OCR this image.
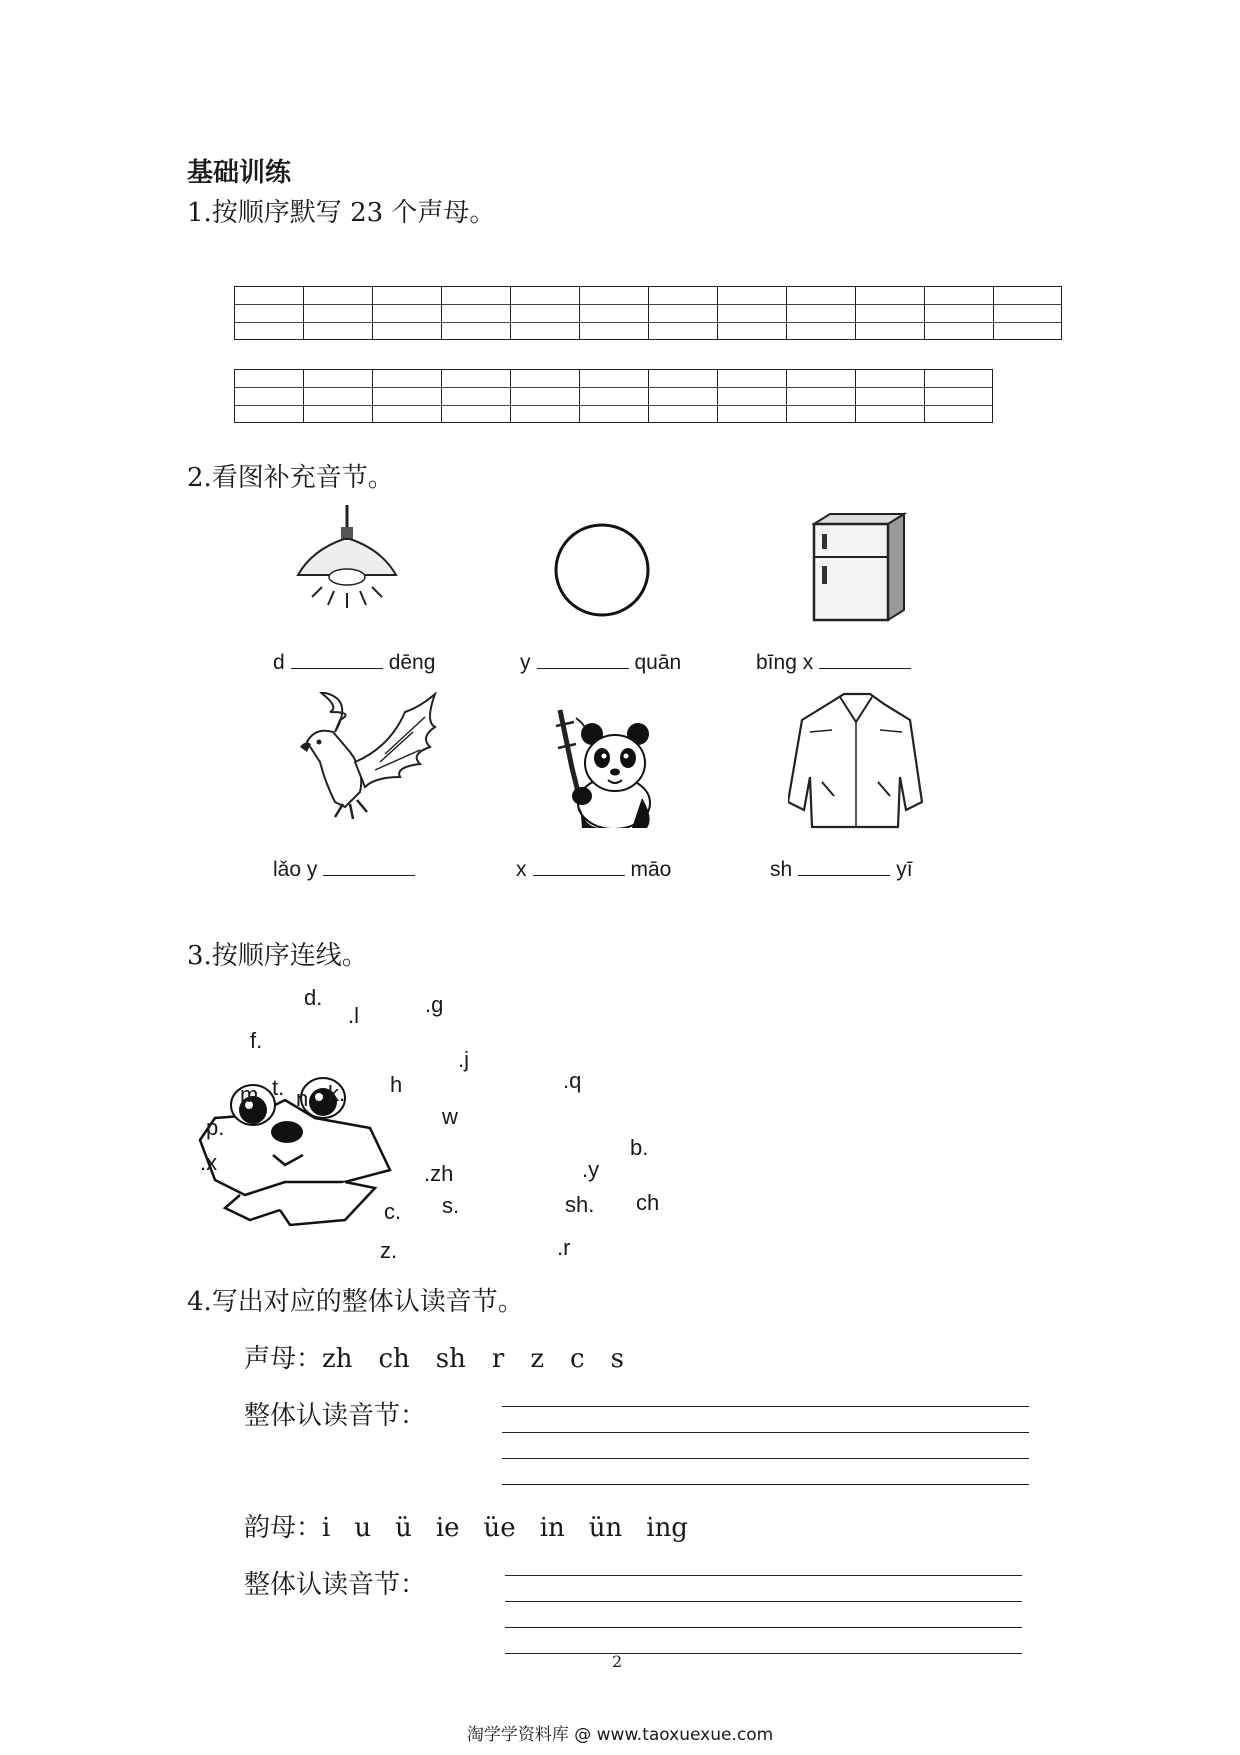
基础训练
1.按顺序默写 23 个声母。
2.看图补充音节。
d	dēng	y	quān	bīng x
lǎo y	x	māo	sh	yī
3.按顺序连线。
d.
.l	.g
f.
.j
m. t. n k. h	.q
p.	w
b.
.zh	.y
.x
c. s.	sh. ch
z.	.r
4.写出对应的整体认读音节。
声母：zh ch sh r z c s
整体认读音节：
韵母：i u ü ie üe in ün ing
整体认读音节：
2
淘学学资料库 @ www.taoxuexue.com
